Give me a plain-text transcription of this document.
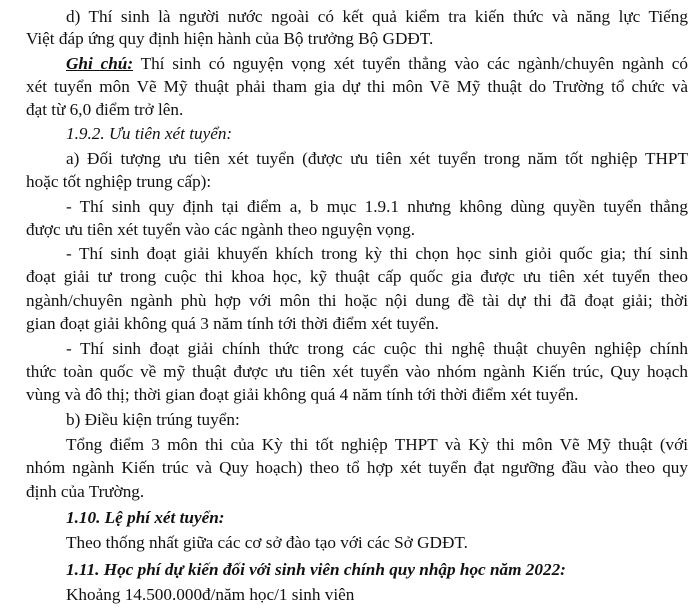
d) Thí sinh là người nước ngoài có kết quả kiểm tra kiến thức và năng lực Tiếng
Việt đáp ứng quy định hiện hành của Bộ trưởng Bộ GDĐT.
Ghi chú: Thí sinh có nguyện vọng xét tuyển thẳng vào các ngành/chuyên ngành có
xét tuyển môn Vẽ Mỹ thuật phải tham gia dự thi môn Vẽ Mỹ thuật do Trường tổ chức và
đạt từ 6,0 điểm trở lên.
1.9.2. Ưu tiên xét tuyển:
a) Đối tượng ưu tiên xét tuyển (được ưu tiên xét tuyển trong năm tốt nghiệp THPT
hoặc tốt nghiệp trung cấp):
- Thí sinh quy định tại điểm a, b mục 1.9.1 nhưng không dùng quyền tuyển thẳng
được ưu tiên xét tuyển vào các ngành theo nguyện vọng.
- Thí sinh đoạt giải khuyến khích trong kỳ thi chọn học sinh giỏi quốc gia; thí sinh
đoạt giải tư trong cuộc thi khoa học, kỹ thuật cấp quốc gia được ưu tiên xét tuyển theo
ngành/chuyên ngành phù hợp với môn thi hoặc nội dung đề tài dự thi đã đoạt giải; thời
gian đoạt giải không quá 3 năm tính tới thời điểm xét tuyển.
- Thí sinh đoạt giải chính thức trong các cuộc thi nghệ thuật chuyên nghiệp chính
thức toàn quốc về mỹ thuật được ưu tiên xét tuyển vào nhóm ngành Kiến trúc, Quy hoạch
vùng và đô thị; thời gian đoạt giải không quá 4 năm tính tới thời điểm xét tuyển.
b) Điều kiện trúng tuyển:
Tổng điểm 3 môn thi của Kỳ thi tốt nghiệp THPT và Kỳ thi môn Vẽ Mỹ thuật (với
nhóm ngành Kiến trúc và Quy hoạch) theo tổ hợp xét tuyển đạt ngưỡng đầu vào theo quy
định của Trường.
1.10. Lệ phí xét tuyển:
Theo thống nhất giữa các cơ sở đào tạo với các Sở GDĐT.
1.11. Học phí dự kiến đối với sinh viên chính quy nhập học năm 2022:
Khoảng 14.500.000đ/năm học/1 sinh viên
